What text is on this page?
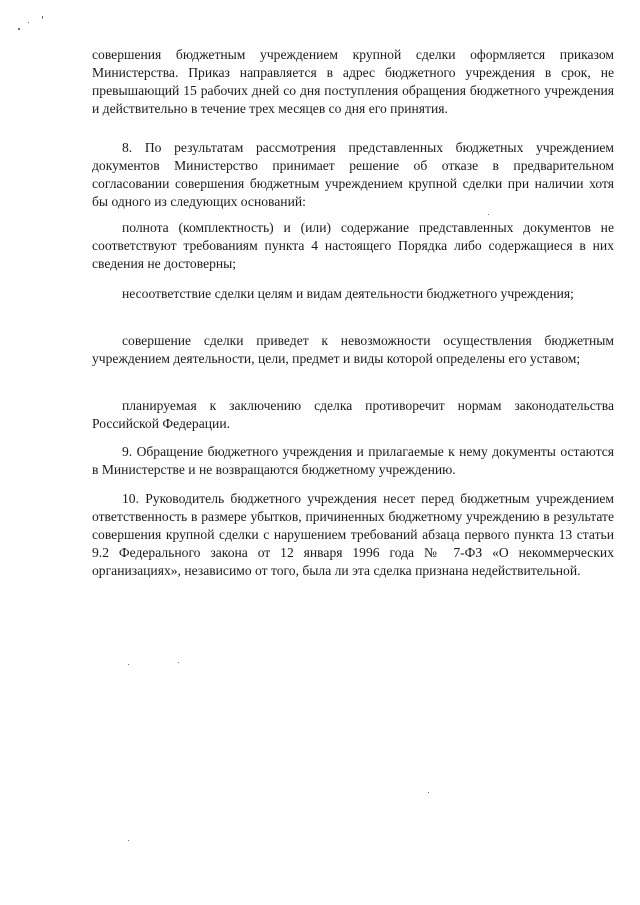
совершения бюджетным учреждением крупной сделки оформляется приказом Министерства. Приказ направляется в адрес бюджетного учреждения в срок, не превышающий 15 рабочих дней со дня поступления обращения бюджетного учреждения и действительно в течение трех месяцев со дня его принятия.

8. По результатам рассмотрения представленных бюджетных учреждением документов Министерство принимает решение об отказе в предварительном согласовании совершения бюджетным учреждением крупной сделки при наличии хотя бы одного из следующих оснований:

полнота (комплектность) и (или) содержание представленных документов не соответствуют требованиям пункта 4 настоящего Порядка либо содержащиеся в них сведения не достоверны;

несоответствие сделки целям и видам деятельности бюджетного учреждения;

совершение сделки приведет к невозможности осуществления бюджетным учреждением деятельности, цели, предмет и виды которой определены его уставом;

планируемая к заключению сделка противоречит нормам законодательства Российской Федерации.

9. Обращение бюджетного учреждения и прилагаемые к нему документы остаются в Министерстве и не возвращаются бюджетному учреждению.

10. Руководитель бюджетного учреждения несет перед бюджетным учреждением ответственность в размере убытков, причиненных бюджетному учреждению в результате совершения крупной сделки с нарушением требований абзаца первого пункта 13 статьи 9.2 Федерального закона от 12 января 1996 года № 7-ФЗ «О некоммерческих организациях», независимо от того, была ли эта сделка признана недействительной.
